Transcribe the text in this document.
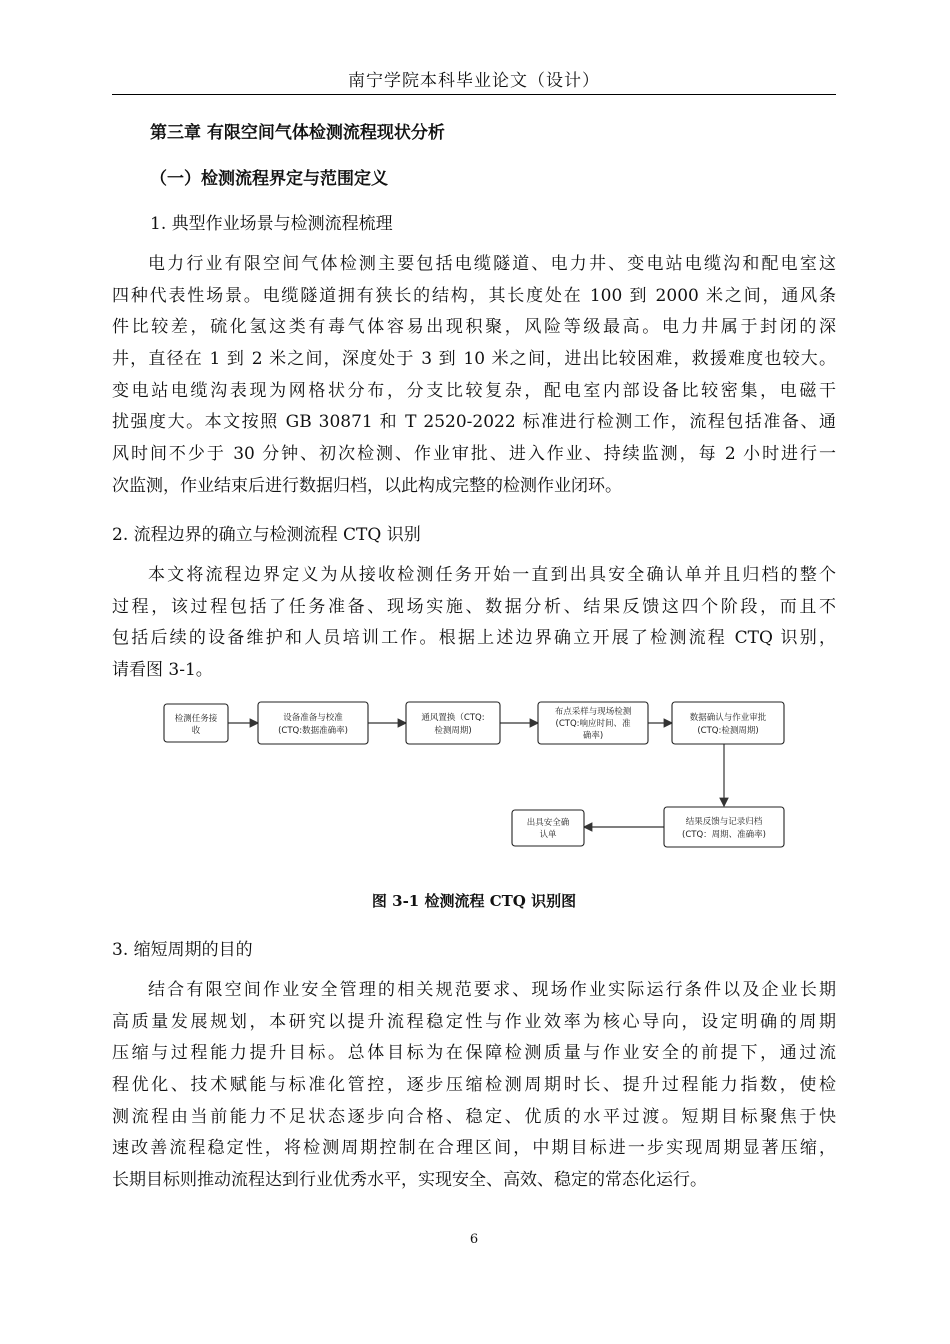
南宁学院本科毕业论文（设计）
第三章 有限空间气体检测流程现状分析
（一）检测流程界定与范围定义
1. 典型作业场景与检测流程梳理
电力行业有限空间气体检测主要包括电缆隧道、电力井、变电站电缆沟和配电室这
四种代表性场景。电缆隧道拥有狭长的结构，其长度处在 100 到 2000 米之间，通风条
件比较差，硫化氢这类有毒气体容易出现积聚，风险等级最高。电力井属于封闭的深
井，直径在 1 到 2 米之间，深度处于 3 到 10 米之间，进出比较困难，救援难度也较大。
变电站电缆沟表现为网格状分布，分支比较复杂，配电室内部设备比较密集，电磁干
扰强度大。本文按照 GB 30871 和 T 2520-2022 标准进行检测工作，流程包括准备、通
风时间不少于 30 分钟、初次检测、作业审批、进入作业、持续监测，每 2 小时进行一
次监测，作业结束后进行数据归档，以此构成完整的检测作业闭环。
2. 流程边界的确立与检测流程 CTQ 识别
本文将流程边界定义为从接收检测任务开始一直到出具安全确认单并且归档的整个
过程，该过程包括了任务准备、现场实施、数据分析、结果反馈这四个阶段，而且不
包括后续的设备维护和人员培训工作。根据上述边界确立开展了检测流程 CTQ 识别，
请看图 3-1。
检测任务接
收
设备准备与校准
(CTQ:数据准确率)
通风置换（CTQ:
检测周期)
布点采样与现场检测
(CTQ:响应时间、准
确率)
数据确认与作业审批
(CTQ:检测周期)
结果反馈与记录归档
(CTQ：周期、准确率)
出具安全确
认单
图 3-1 检测流程 CTQ 识别图
3. 缩短周期的目的
结合有限空间作业安全管理的相关规范要求、现场作业实际运行条件以及企业长期
高质量发展规划，本研究以提升流程稳定性与作业效率为核心导向，设定明确的周期
压缩与过程能力提升目标。总体目标为在保障检测质量与作业安全的前提下，通过流
程优化、技术赋能与标准化管控，逐步压缩检测周期时长、提升过程能力指数，使检
测流程由当前能力不足状态逐步向合格、稳定、优质的水平过渡。短期目标聚焦于快
速改善流程稳定性，将检测周期控制在合理区间，中期目标进一步实现周期显著压缩，
长期目标则推动流程达到行业优秀水平，实现安全、高效、稳定的常态化运行。
6
